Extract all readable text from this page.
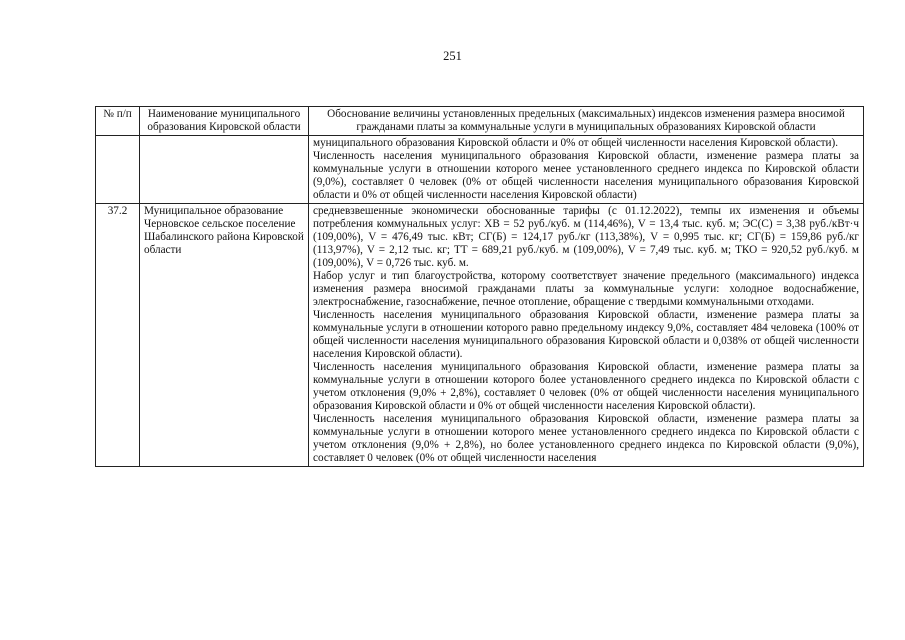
251
№ п/п	Наименование муниципального образования Кировской области	Обоснование величины установленных предельных (максимальных) индексов изменения размера вносимой гражданами платы за коммунальные услуги в муниципальных образованиях Кировской области

		муниципального образования Кировской области и 0% от общей численности населения Кировской области).

Численность населения муниципального образования Кировской области, изменение размера платы за коммунальные услуги в отношении которого менее установленного среднего индекса по Кировской области (9,0%), составляет 0 человек (0% от общей численности населения муниципального образования Кировской области и 0% от общей численности населения Кировской области)

37.2	Муниципальное образование Черновское сельское поселение Шабалинского района Кировской области	средневзвешенные экономически обоснованные тарифы (с 01.12.2022), темпы их изменения и объемы потребления коммунальных услуг: ХВ = 52 руб./куб. м (114,46%), V = 13,4 тыс. куб. м; ЭС(С) = 3,38 руб./кВт·ч (109,00%), V = 476,49 тыс. кВт; СГ(Б) = 124,17 руб./кг (113,38%), V = 0,995 тыс. кг; СГ(Б) = 159,86 руб./кг (113,97%), V = 2,12 тыс. кг; ТТ = 689,21 руб./куб. м (109,00%), V = 7,49 тыс. куб. м; ТКО = 920,52 руб./куб. м (109,00%), V = 0,726 тыс. куб. м.

Набор услуг и тип благоустройства, которому соответствует значение предельного (максимального) индекса изменения размера вносимой гражданами платы за коммунальные услуги: холодное водоснабжение, электроснабжение, газоснабжение, печное отопление, обращение с твердыми коммунальными отходами.

Численность населения муниципального образования Кировской области, изменение размера платы за коммунальные услуги в отношении которого равно предельному индексу 9,0%, составляет 484 человека (100% от общей численности населения муниципального образования Кировской области и 0,038% от общей численности населения Кировской области).

Численность населения муниципального образования Кировской области, изменение размера платы за коммунальные услуги в отношении которого более установленного среднего индекса по Кировской области с учетом отклонения (9,0% + 2,8%), составляет 0 человек (0% от общей численности населения муниципального образования Кировской области и 0% от общей численности населения Кировской области).

Численность населения муниципального образования Кировской области, изменение размера платы за коммунальные услуги в отношении которого менее установленного среднего индекса по Кировской области с учетом отклонения (9,0% + 2,8%), но более установленного среднего индекса по Кировской области (9,0%), составляет 0 человек (0% от общей численности населения
